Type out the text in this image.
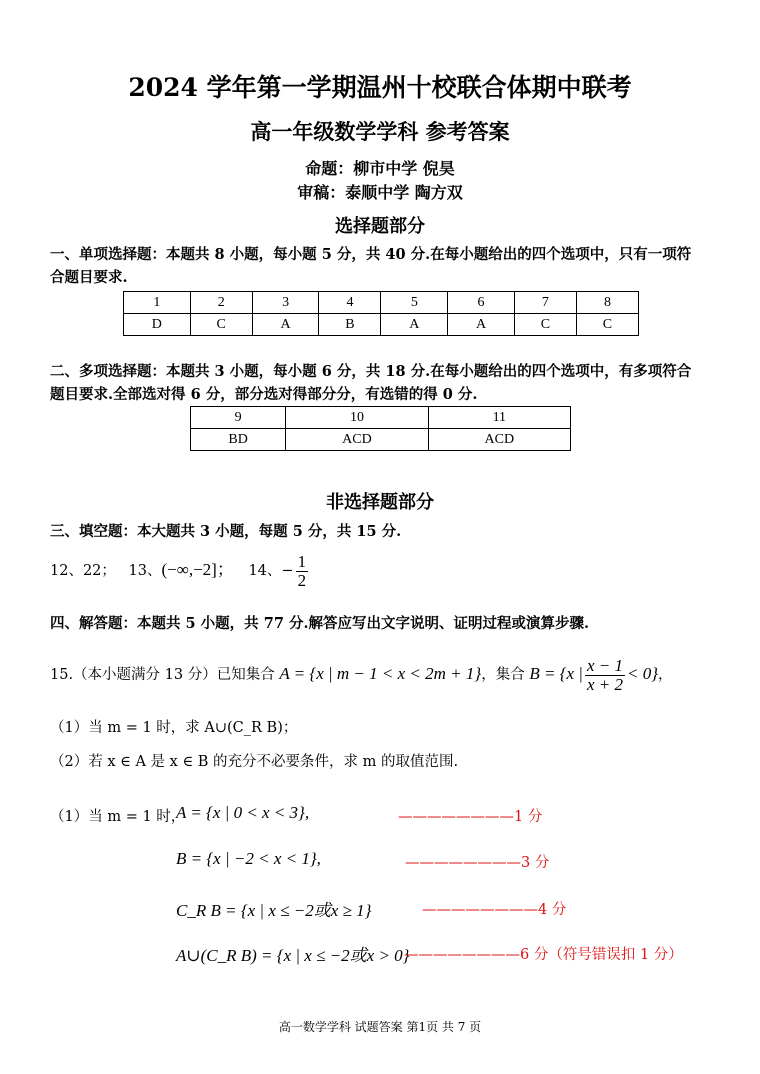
2024 学年第一学期温州十校联合体期中联考
高一年级数学学科 参考答案
命题：柳市中学 倪昊
审稿：泰顺中学 陶方双
选择题部分
一、单项选择题：本题共 8 小题，每小题 5 分，共 40 分.在每小题给出的四个选项中，只有一项符
合题目要求.
1	2	3	4	5	6	7	8
D	C	A	B	A	A	C	C
二、多项选择题：本题共 3 小题，每小题 6 分，共 18 分.在每小题给出的四个选项中，有多项符合
题目要求.全部选对得 6 分，部分选对得部分分，有选错的得 0 分.
9	10	11
BD	ACD	ACD
非选择题部分
三、填空题：本大题共 3 小题，每题 5 分，共 15 分.
12、22； 13、(−∞,−2]； 14、− $\frac{1}{2}$
四、解答题：本题共 5 小题，共 77 分.解答应写出文字说明、证明过程或演算步骤.
15.（本小题满分 13 分）已知集合 A = {x | m − 1 < x < 2m + 1}，集合 B = {x | $\frac{x - 1}{x + 2} < 0$}，
（1）当 m = 1 时，求 A∪(C_R B)；
（2）若 x ∈ A 是 x ∈ B 的充分不必要条件，求 m 的取值范围.
（1）当 m = 1 时，
A = {x | 0 < x < 3},	————————1 分
B = {x | −2 < x < 1},	————————3 分
C_R B = {x | x ≤ −2或x ≥ 1}	————————4 分
A∪(C_R B) = {x | x ≤ −2或x > 0}
————————6 分（符号错误扣 1 分）
高一数学学科 试题答案 第1页 共 7 页
